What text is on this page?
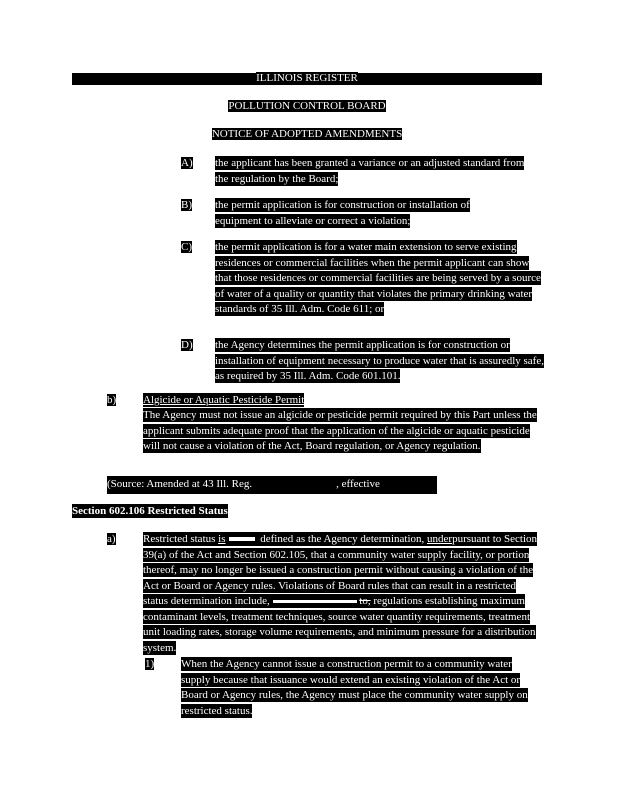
ILLINOIS REGISTER
POLLUTION CONTROL BOARD
NOTICE OF ADOPTED AMENDMENTS
A) the applicant has been granted a variance or an adjusted standard from the regulation by the Board;
B) the permit application is for construction or installation of equipment to alleviate or correct a violation;
C) the permit application is for a water main extension to serve existing residences or commercial facilities when the permit applicant can show that those residences or commercial facilities are being served by a source of water of a quality or quantity that violates the primary drinking water standards of 35 Ill. Adm. Code 611; or
D) the Agency determines the permit application is for construction or installation of equipment necessary to produce water that is assuredly safe, as required by 35 Ill. Adm. Code 601.101.
b) Algicide or Aquatic Pesticide Permit
The Agency must not issue an algicide or pesticide permit required by this Part unless the applicant submits adequate proof that the application of the algicide or aquatic pesticide will not cause a violation of the Act, Board regulation, or Agency regulation.
(Source: Amended at 43 Ill. Reg.	, effective	)
Section 602.106 Restricted Status
a) Restricted status is	defined as the Agency determination, underpursuant to Section 39(a) of the Act and Section 602.105, that a community water supply facility, or portion thereof, may no longer be issued a construction permit without causing a violation of the Act or Board or Agency rules. Violations of Board rules that can result in a restricted status determination include,	to, regulations establishing maximum contaminant levels, treatment techniques, source water quantity requirements, treatment unit loading rates, storage volume requirements, and minimum pressure for a distribution system.
1) When the Agency cannot issue a construction permit to a community water supply because that issuance would extend an existing violation of the Act or Board or Agency rules, the Agency must place the community water supply on restricted status.
